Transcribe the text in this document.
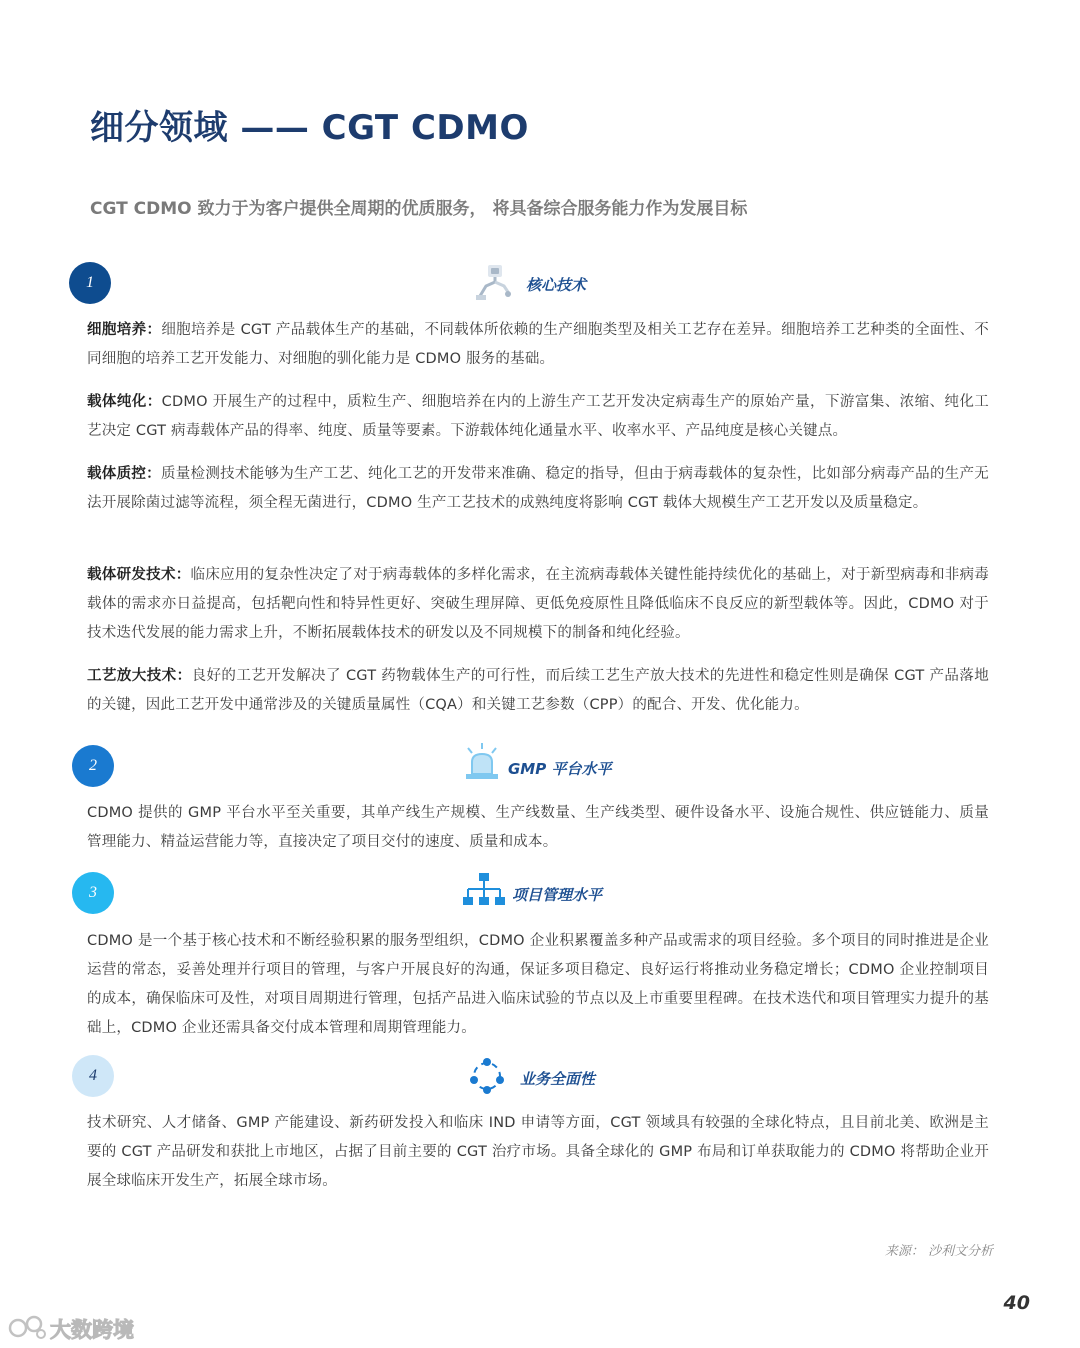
细分领域 —— CGT CDMO
CGT CDMO 致力于为客户提供全周期的优质服务， 将具备综合服务能力作为发展目标
1	核心技术
细胞培养：细胞培养是 CGT 产品载体生产的基础，不同载体所依赖的生产细胞类型及相关工艺存在差异。细胞培养工艺种类的全面性、不同细胞的培养工艺开发能力、对细胞的驯化能力是 CDMO 服务的基础。
载体纯化：CDMO 开展生产的过程中，质粒生产、细胞培养在内的上游生产工艺开发决定病毒生产的原始产量，下游富集、浓缩、纯化工艺决定 CGT 病毒载体产品的得率、纯度、质量等要素。下游载体纯化通量水平、收率水平、产品纯度是核心关键点。
载体质控：质量检测技术能够为生产工艺、纯化工艺的开发带来准确、稳定的指导，但由于病毒载体的复杂性，比如部分病毒产品的生产无法开展除菌过滤等流程，须全程无菌进行，CDMO 生产工艺技术的成熟纯度将影响 CGT 载体大规模生产工艺开发以及质量稳定。
载体研发技术：临床应用的复杂性决定了对于病毒载体的多样化需求，在主流病毒载体关键性能持续优化的基础上，对于新型病毒和非病毒载体的需求亦日益提高，包括靶向性和特异性更好、突破生理屏障、更低免疫原性且降低临床不良反应的新型载体等。因此，CDMO 对于技术迭代发展的能力需求上升，不断拓展载体技术的研发以及不同规模下的制备和纯化经验。
工艺放大技术：良好的工艺开发解决了 CGT 药物载体生产的可行性，而后续工艺生产放大技术的先进性和稳定性则是确保 CGT 产品落地的关键，因此工艺开发中通常涉及的关键质量属性（CQA）和关键工艺参数（CPP）的配合、开发、优化能力。
2	GMP 平台水平
CDMO 提供的 GMP 平台水平至关重要，其单产线生产规模、生产线数量、生产线类型、硬件设备水平、设施合规性、供应链能力、质量管理能力、精益运营能力等，直接决定了项目交付的速度、质量和成本。
3	项目管理水平
CDMO 是一个基于核心技术和不断经验积累的服务型组织，CDMO 企业积累覆盖多种产品或需求的项目经验。多个项目的同时推进是企业运营的常态，妥善处理并行项目的管理，与客户开展良好的沟通，保证多项目稳定、良好运行将推动业务稳定增长；CDMO 企业控制项目的成本，确保临床可及性，对项目周期进行管理，包括产品进入临床试验的节点以及上市重要里程碑。在技术迭代和项目管理实力提升的基础上，CDMO 企业还需具备交付成本管理和周期管理能力。
4	业务全面性
技术研究、人才储备、GMP 产能建设、新药研发投入和临床 IND 申请等方面，CGT 领域具有较强的全球化特点，且目前北美、欧洲是主要的 CGT 产品研发和获批上市地区，占据了目前主要的 CGT 治疗市场。具备全球化的 GMP 布局和订单获取能力的 CDMO 将帮助企业开展全球临床开发生产，拓展全球市场。
来源： 沙利文分析
40
大数跨境
